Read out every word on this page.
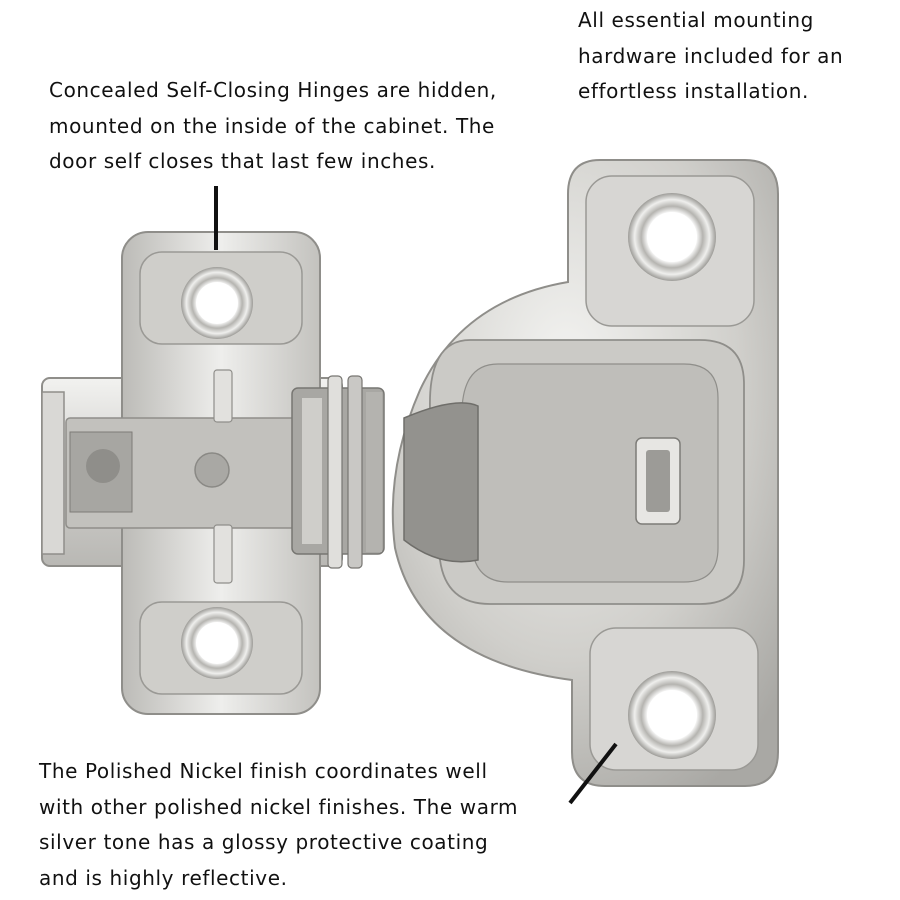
Concealed Self-Closing Hinges are hidden,
mounted on the inside of the cabinet. The
door self closes that last few inches.
All essential mounting
hardware included for an
effortless installation.
The Polished Nickel finish coordinates well
with other polished nickel finishes. The warm
silver tone has a glossy protective coating
and is highly reflective.
